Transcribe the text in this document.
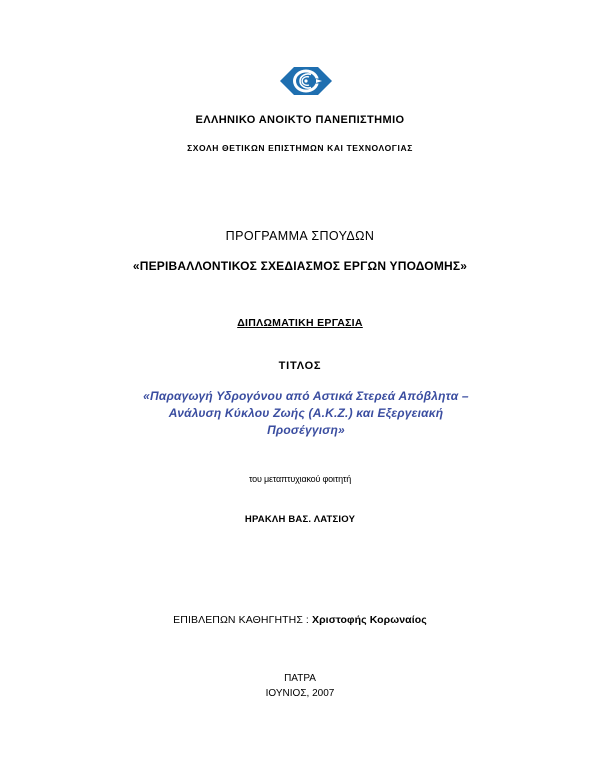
ΕΛΛΗΝΙΚΟ ΑΝΟΙΚΤΟ ΠΑΝΕΠΙΣΤΗΜΙΟ
ΣΧΟΛΗ ΘΕΤΙΚΩΝ ΕΠΙΣΤΗΜΩΝ ΚΑΙ ΤΕΧΝΟΛΟΓΙΑΣ
ΠΡΟΓΡΑΜΜΑ ΣΠΟΥΔΩΝ
«ΠΕΡΙΒΑΛΛΟΝΤΙΚΟΣ ΣΧΕΔΙΑΣΜΟΣ ΕΡΓΩΝ ΥΠΟΔΟΜΗΣ»
ΔΙΠΛΩΜΑΤΙΚΗ ΕΡΓΑΣΙΑ
ΤΙΤΛΟΣ
«Παραγωγή Υδρογόνου από Αστικά Στερεά Απόβλητα –
Ανάλυση Κύκλου Ζωής (Α.Κ.Ζ.) και Εξεργειακή
Προσέγγιση»
του μεταπτυχιακού φοιτητή
ΗΡΑΚΛΗ ΒΑΣ. ΛΑΤΣΙΟΥ
ΕΠΙΒΛΕΠΩΝ ΚΑΘΗΓΗΤΗΣ : Χριστοφής Κορωναίος
ΠΑΤΡΑ
ΙΟΥΝΙΟΣ, 2007
